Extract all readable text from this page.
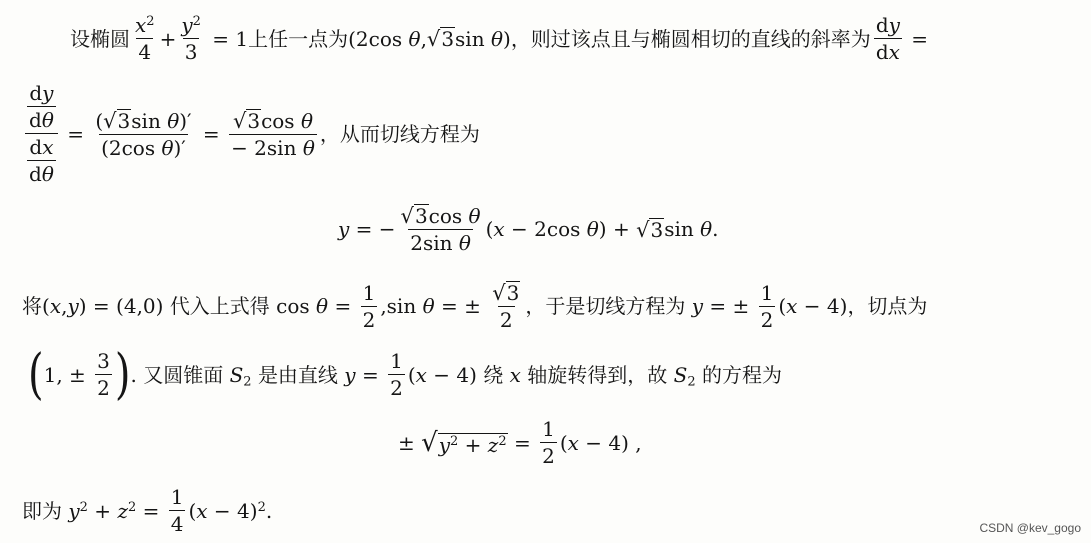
设椭圆 $\frac{x^2}{4} + \frac{y^2}{3} = 1$ 上任一点为 (2cos θ, √ 3 sin θ) ，则过该点且与椭圆相切的直线的斜率为 $\frac{dy}{dx}$ =
$\frac{\frac{dy}{d\theta}}{\frac{dx}{d\theta}} = \frac{\text{( √ 3 sin θ)′}}{\text{(2cos θ)′}} = \frac{\text{√ 3 cos θ}}{\text{− 2sin θ}}$ ，从而切线方程为
y = − $\frac{\text{√ 3 cos θ}}{\text{2sin θ}} (x - 2\cos$ θ) + √ 3 sin θ.
将 (x,y) = (4,0) 代入上式得 $\cos \theta = \frac{1}{2} ,\sin$ θ = ± $\frac{√ 3}{2}$ ，于是切线方程为 y = ± $\frac{1}{2} (x - 4)$ ，切点为
( 1, ± $\frac{3}{2}$ ) . 又圆锥面 $S_2$ 是由直线 $y = \frac{1}{2} (x - 4)$ 绕 x 轴旋转得到，故 $S_2$ 的方程为
± √ $y^2 + z^2 = \frac{1}{2} (x - 4)$ ,
即为 $y^2 + z^2 = \frac{1}{4} (x - 4)^2$.
CSDN @kev_gogo
